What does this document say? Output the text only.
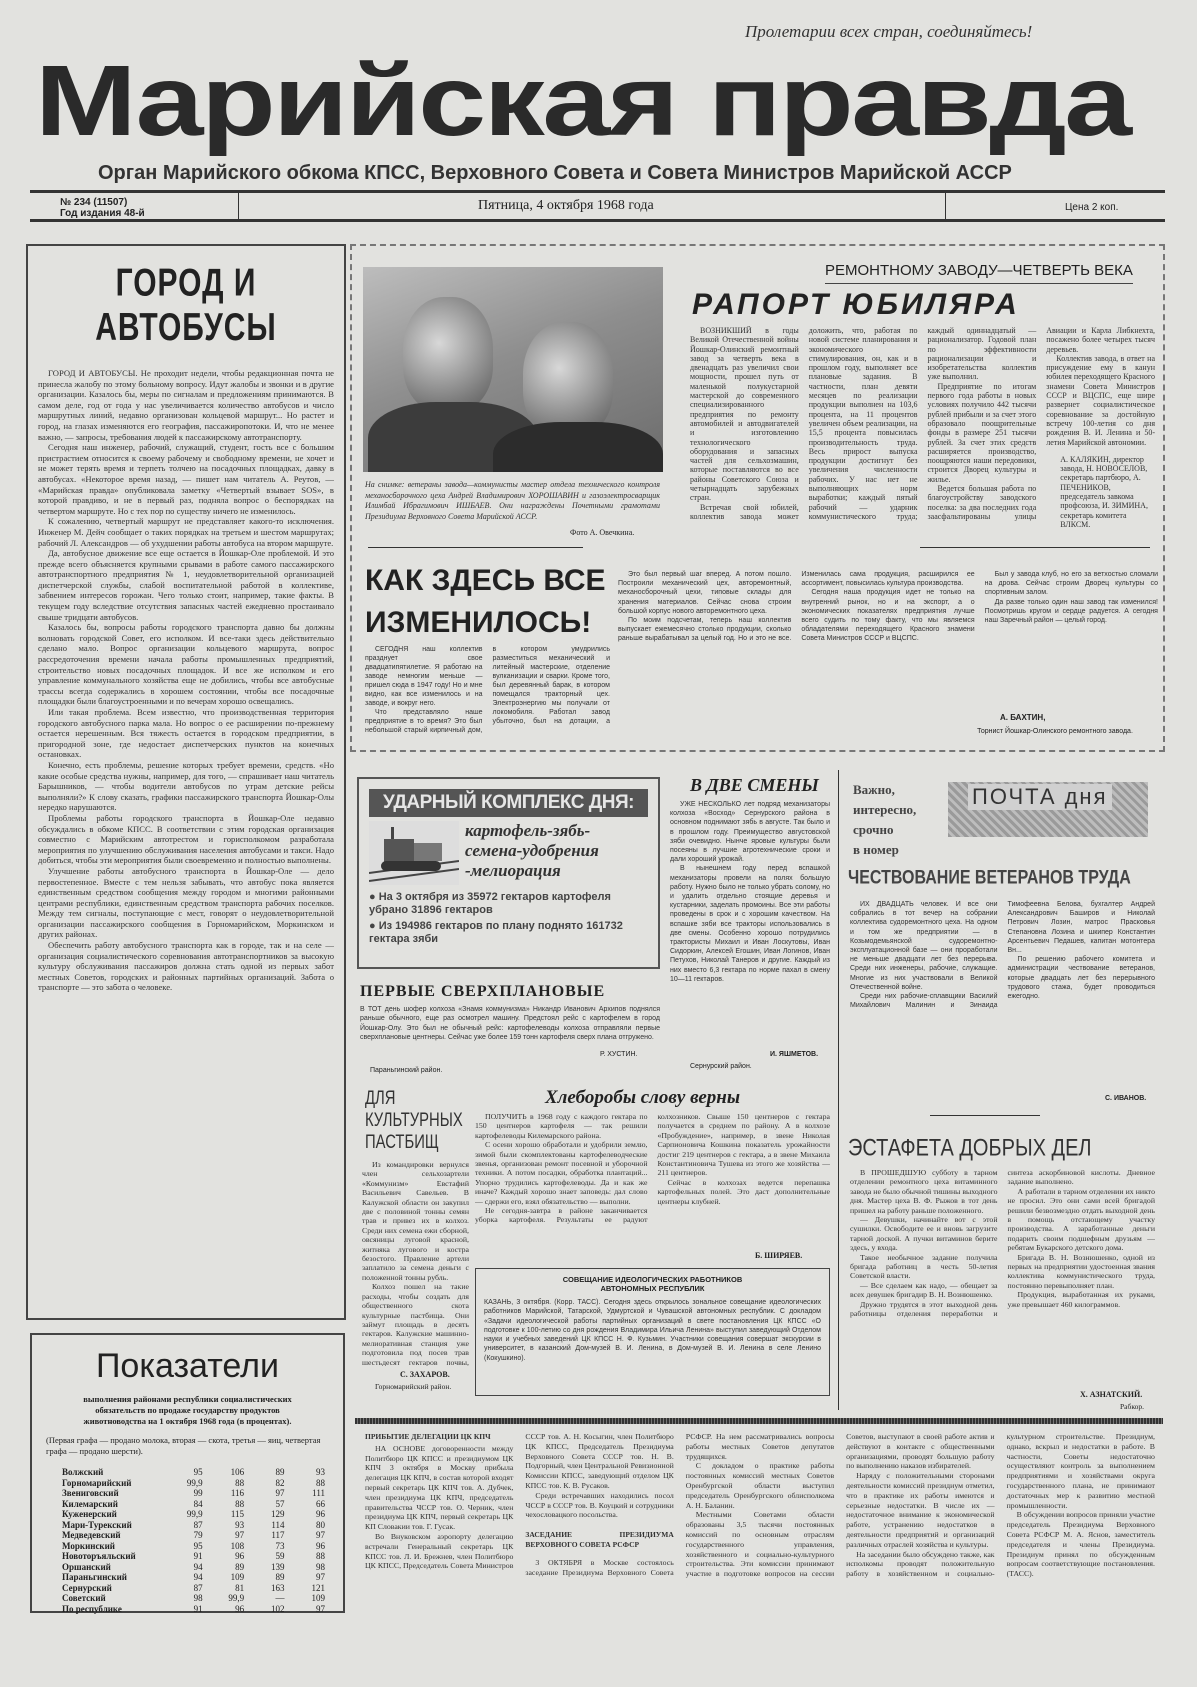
Пролетарии всех стран, соединяйтесь!
Марийская правда
Орган Марийского обкома КПСС, Верховного Совета и Совета Министров Марийской АССР
№ 234 (11507)
Год издания 48-й
Пятница, 4 октября 1968 года	Цена 2 коп.
ГОРОД И АВТОБУСЫ

ГОРОД И АВТОБУСЫ. Не проходит недели, чтобы редакционная почта не принесла жалобу по этому больному вопросу. Идут жалобы и звонки и в другие организации. Казалось бы, меры по сигналам и предложениям принимаются. В самом деле, год от года у нас увеличивается количество автобусов и число маршрутных линий, недавно организован кольцевой маршрут... Но растет и город, на глазах изменяются его география, пассажиропотоки. И, что не менее важно, — запросы, требования людей к пассажирскому автотранспорту.

Сегодня наш инженер, рабочий, служащий, студент, гость все с большим пристрастием относится к своему рабочему и свободному времени, не хочет и не может терять время и терпеть толчею на посадочных площадках, давку в автобусах. «Некоторое время назад, — пишет нам читатель А. Реутов, — «Марийская правда» опубликовала заметку «Четвертый взывает SOS», в которой правдиво, и не в первый раз, подняла вопрос о беспорядках на четвертом маршруте. Но с тех пор по существу ничего не изменилось.

К сожалению, четвертый маршрут не представляет какого-то исключения. Инженер М. Дейч сообщает о таких порядках на третьем и шестом маршрутах; рабочий Л. Александров — об ухудшении работы автобуса на втором маршруте.

Да, автобусное движение все еще остается в Йошкар-Оле проблемой. И это прежде всего объясняется крупными срывами в работе самого пассажирского автотранспортного предприятия № 1, неудовлетворительной организацией диспетчерской службы, слабой воспитательной работой в коллективе, забвением интересов горожан. Чего только стоит, например, такие факты. В текущем году вследствие отсутствия запасных частей ежедневно простаивало свыше тридцати автобусов.

Казалось бы, вопросы работы городского транспорта давно бы должны волновать городской Совет, его исполком. И все-таки здесь действительно сделано мало. Вопрос организации кольцевого маршрута, вопрос рассредоточения времени начала работы промышленных предприятий, строительство новых посадочных площадок. И все же исполком и его управление коммунального хозяйства еще не добились, чтобы все автобусные трассы всегда содержались в хорошем состоянии, чтобы все посадочные площадки были благоустроенными и по вечерам хорошо освещались.

Или такая проблема. Всем известно, что производственная территория городского автобусного парка мала. Но вопрос о ее расширении по-прежнему остается нерешенным. Вся тяжесть остается в городском предприятии, в пригородной зоне, где недостает диспетчерских пунктов на конечных остановках.

Конечно, есть проблемы, решение которых требует времени, средств. «Но какие особые средства нужны, например, для того, — спрашивает наш читатель Барышников, — чтобы водители автобусов по утрам детские рейсы выполняли?» К слову сказать, графики пассажирского транспорта Йошкар-Олы нередко нарушаются.

Проблемы работы городского транспорта в Йошкар-Оле недавно обсуждались в обкоме КПСС. В соответствии с этим городская организация совместно с Марийским автотрестом и горисполкомом разработала мероприятия по улучшению обслуживания населения автобусами и такси. Надо добиться, чтобы эти мероприятия были своевременно и полностью выполнены.

Улучшение работы автобусного транспорта в Йошкар-Оле — дело первостепенное. Вместе с тем нельзя забывать, что автобус пока является единственным средством сообщения между городом и многими районными центрами республики, единственным средством транспорта рабочих поселков. Между тем сигналы, поступающие с мест, говорят о неудовлетворительной организации пассажирского сообщения в Горномарийском, Моркинском и других районах.

Обеспечить работу автобусного транспорта как в городе, так и на селе — организация социалистического соревнования автотранспортников за высокую культуру обслуживания пассажиров должна стать одной из первых забот местных Советов, городских и районных партийных организаций. Забота о транспорте — это забота о человеке.

Показатели
выполнения районами республики социалистических обязательств по продаже государству продуктов животноводства на 1 октября 1968 года (в процентах).
(Первая графа — продано молока, вторая — скота, третья — яиц, четвертая графа — продано шерсти).
Волжский	95	106	89	93
Горномарийский	99,9	88	82	88
Звениговский	99	116	97	111
Килемарский	84	88	57	66
Куженерский	99,9	115	129	96
Мари-Турекский	87	93	114	80
Медведевский	79	97	117	97
Моркинский	95	108	73	96
Новоторъяльский	91	96	59	88
Оршанский	94	89	139	98
Параньгинский	94	109	89	97
Сернурский	87	81	163	121
Советский	98	99,9	—	109
По республике	91	96	102	97
На снимке: ветераны завода—коммунисты мастер отдела технического контроля механосборочного цеха Андрей Владимирович ХОРОШАВИН и газоэлектросварщик Илимбай Ибрагимович ИШБАЕВ. Они награждены Почетными грамотами Президиума Верховного Совета Марийской АССР.
Фото А. Овечкина.
РЕМОНТНОМУ ЗАВОДУ—ЧЕТВЕРТЬ ВЕКА
РАПОРТ ЮБИЛЯРА

ВОЗНИКШИЙ в годы Великой Отечественной войны Йошкар-Олинский ремонтный завод за четверть века в двенадцать раз увеличил свои мощности, прошел путь от маленькой полукустарной мастерской до современного специализированного предприятия по ремонту автомобилей и автодвигателей и изготовлению технологического оборудования и запасных частей для сельхозмашин, которые поставляются во все районы Советского Союза и четырнадцать зарубежных стран.

Встречая свой юбилей, коллектив завода может доложить, что, работая по новой системе планирования и экономического стимулирования, он, как и в прошлом году, выполняет все плановые задания. В частности, план девяти месяцев по реализации продукции выполнен на 103,6 процента, на 11 процентов увеличен объем реализации, на 15,5 процента повысилась производительность труда. Весь прирост выпуска продукции достигнут без увеличения численности рабочих. У нас нет не выполняющих норм выработки; каждый пятый рабочий — ударник коммунистического труда; каждый одиннадцатый — рационализатор. Годовой план по эффективности рационализации и изобретательства коллектив уже выполнил.

Предприятие по итогам первого года работы в новых условиях получило 442 тысячи рублей прибыли и за счет этого образовало поощрительные фонды в размере 251 тысячи рублей. За счет этих средств расширяется производство, поощряются наши передовики, строится Дворец культуры и жилье.

Ведется большая работа по благоустройству заводского поселка: за два последних года заасфальтированы улицы Авиации и Карла Либкнехта, посажено более четырех тысяч деревьев.

Коллектив завода, в ответ на присуждение ему в канун юбилея переходящего Красного знамени Совета Министров СССР и ВЦСПС, еще шире развернет социалистическое соревнование за достойную встречу 100-летия со дня рождения В. И. Ленина и 50-летия Марийской автономии.

А. КАЛЯКИН, директор завода, Н. НОВОСЕЛОВ, секретарь партбюро, А. ПЕЧЕНИКОВ, председатель завкома профсоюза, И. ЗИМИНА, секретарь комитета ВЛКСМ.
КАК ЗДЕСЬ ВСЕ ИЗМЕНИЛОСЬ!

СЕГОДНЯ наш коллектив празднует свое двадцатипятилетие. Я работаю на заводе немногим меньше — пришел сюда в 1947 году! Но и мне видно, как все изменилось и на заводе, и вокруг него.

Что представляло наше предприятие в то время? Это был небольшой старый кирпичный дом, в котором умудрились разместиться механический и литейный мастерские, отделение вулканизации и сварки. Кроме того, был деревянный барак, в котором помещался тракторный цех. Электроэнергию мы получали от локомобиля. Работал завод убыточно, был на дотации, а

Это был первый шаг вперед. А потом пошло. Построили механический цех, авторемонтный, механосборочный цехи, типовые склады для хранения материалов. Сейчас снова строим большой корпус нового авторемонтного цеха.

По моим подсчетам, теперь наш коллектив выпускает ежемесячно столько продукции, сколько раньше вырабатывал за целый год. Но и это не все. Изменилась сама продукция, расширился ее ассортимент, повысилась культура производства.

Сегодня наша продукция идет не только на внутренний рынок, но и на экспорт, а о экономических показателях предприятия лучше всего судить по тому факту, что мы являемся обладателями переходящего Красного знамени Совета Министров СССР и ВЦСПС.

Был у завода клуб, но его за ветхостью сломали на дрова. Сейчас строим Дворец культуры со спортивным залом.

Да разве только один наш завод так изменился! Посмотришь кругом и сердце радуется. А сегодня наш Заречный район — целый город.

А. БАХТИН,
Торнист Йошкар-Олинского ремонтного завода.
УДАРНЫЙ КОМПЛЕКС ДНЯ:
картофель-зябь-
семена-удобрения
-мелиорация
● На 3 октября из 35972 гектаров картофеля убрано 31896 гектаров
● Из 194986 гектаров по плану поднято 161732 гектара зяби
В ДВЕ СМЕНЫ

УЖЕ НЕСКОЛЬКО лет подряд механизаторы колхоза «Восход» Сернурского района в основном поднимают зябь в августе. Так было и в прошлом году. Преимущество августовской зяби очевидно. Нынче яровые культуры были посеяны в лучшие агротехнические сроки и дали хороший урожай.

В нынешнем году перед вспашкой механизаторы провели на полях большую работу. Нужно было не только убрать солому, но и удалить отдельно стоящие деревья и кустарники, заделать промоины. Все эти работы проведены в срок и с хорошим качеством. На вспашке зяби все тракторы использовались в две смены. Особенно хорошо потрудились трактористы Михаил и Иван Лоскутовы, Иван Сидоркин, Алексей Егошин, Иван Логинов, Иван Петухов, Николай Танеров и другие. Каждый из них вместо 6,3 гектара по норме пахал в смену 10—11 гектаров.

И. ЯШМЕТОВ.
Сернурский район.
Важно,
интересно,
срочно
в номер
ПОЧТА дня
ЧЕСТВОВАНИЕ ВЕТЕРАНОВ ТРУДА

ИХ ДВАДЦАТЬ человек. И все они собрались в тот вечер на собрании коллектива судоремонтного цеха. На одном и том же предприятии — в Козьмодемьянской судоремонтно-эксплуатационной базе — они проработали не меньше двадцати лет без перерыва. Среди них инженеры, рабочие, служащие. Многие из них участвовали в Великой Отечественной войне.

Среди них рабочие-сплавщики Василий Михайлович Малинин и Зинаида Тимофеевна Белова, бухгалтер Андрей Александрович Баширов и Николай Петрович Лозин, матрос Прасковья Степановна Лозина и шкипер Константин Арсентьевич Педашев, капитан мотонтера Вн...

По решению рабочего комитета и администрации чествование ветеранов, которые двадцать лет без перерывного трудового стажа, будет проводиться ежегодно.

С. ИВАНОВ.
ПЕРВЫЕ СВЕРХПЛАНОВЫЕ
В ТОТ день шофер колхоза «Знамя коммунизма» Никандр Иванович Архипов поднялся раньше обычного, еще раз осмотрел машину. Предстоял рейс с картофелем в город Йошкар-Олу. Это был не обычный рейс: картофелеводы колхоза отправляли первые сверхплановые центнеры. Сейчас уже более 159 тонн картофеля сверх плана отгружено.
Р. ХУСТИН.
Параньгинский район.
ДЛЯ КУЛЬТУРНЫХ ПАСТБИЩ

Из командировки вернулся член сельхозартели «Коммунизм» Евстафий Васильевич Савельев. В Калужской области он закупил две с половиной тонны семян трав и привез их в колхоз. Среди них семена ежи сборной, овсяницы луговой красной, житняка лугового и костра безостого. Правление артели заплатило за семена деньги с положенной тонны рубль.

Колхоз пошел на такие расходы, чтобы создать для общественного скота культурные пастбища. Они займут площадь в десять гектаров. Калужские машинно-мелиоративная станция уже подготовила под посев трав шестьдесят гектаров почвы,

С. ЗАХАРОВ.
Горномарийский район.
Хлеборобы слову верны

ПОЛУЧИТЬ в 1968 году с каждого гектара по 150 центнеров картофеля — так решили картофелеводы Килемарского района.

С осени хорошо обработали и удобрили землю, зимой были скомплектованы картофелеводческие звенья, организован ремонт посевной и уборочной техники. А потом посадки, обработка плантаций... Упорно трудились картофелеводы. Да и как же иначе? Каждый хорошо знает заповедь: дал слово — сдержи его, взял обязательство — выполни.

Не сегодня-завтра в районе заканчивается уборка картофеля. Результаты ее радуют колхозников. Свыше 150 центнеров с гектара получается в среднем по району. А в колхозе «Пробуждение», например, в звене Николая Сарпионовича Кошкина показатель урожайности достиг 219 центнеров с гектара, а в звене Михаила Константиновича Тушева из этого же хозяйства — 211 центнеров.

Сейчас в колхозах ведется перепашка картофельных полей. Это даст дополнительные центнеры клубней.

Б. ШИРЯЕВ.
СОВЕЩАНИЕ ИДЕОЛОГИЧЕСКИХ РАБОТНИКОВ АВТОНОМНЫХ РЕСПУБЛИК
КАЗАНЬ, 3 октября. (Корр. ТАСС). Сегодня здесь открылось зональное совещание идеологических работников Марийской, Татарской, Удмуртской и Чувашской автономных республик. С докладом «Задачи идеологической работы партийных организаций в свете постановления ЦК КПСС «О подготовке к 100-летию со дня рождения Владимира Ильича Ленина» выступил заведующий Отделом науки и учебных заведений ЦК КПСС Н. Ф. Кузьмин. Участники совещания совершат экскурсии в университет, в казанский Дом-музей В. И. Ленина, в Дом-музей В. И. Ленина в селе Ленино (Кокушкино).
ЭСТАФЕТА ДОБРЫХ ДЕЛ

В ПРОШЕДШУЮ субботу в тарном отделении ремонтного цеха витаминного завода не было обычной тишины выходного дня. Мастер цеха В. Ф. Рыжов в тот день пришел на работу раньше положенного.

— Девушки, начинайте вот с этой сушилки. Освободите ее и вновь загрузите тарной доской. А пучки витаминов берите здесь, у входа.

Такое необычное задание получила бригада работниц в честь 50-летия Советской власти.

— Все сделаем как надо, — обещает за всех девушек бригадир В. Н. Вознюшенко.

Дружно трудятся в этот выходной день работницы отделения переработки и синтеза аскорбиновой кислоты. Дневное задание выполнено.

А работали в тарном отделении их никто не просил. Это они сами всей бригадой решили безвозмездно отдать выходной день в помощь отстающему участку производства. А заработанные деньги подарить своим подшефным друзьям — ребятам Букарского детского дома.

Бригада В. Н. Вознюшенко, одной из первых на предприятии удостоенная звания коллектива коммунистического труда, постоянно перевыполняет план.

Продукция, выработанная их руками, уже превышает 460 килограммов.

Х. АЗНАТСКИЙ.
Рабкор.
ПРИБЫТИЕ ДЕЛЕГАЦИИ ЦК КПЧ

НА ОСНОВЕ договоренности между Политбюро ЦК КПСС и президиумом ЦК КПЧ 3 октября в Москву прибыла делегация ЦК КПЧ, в состав которой входят первый секретарь ЦК КПЧ тов. А. Дубчек, член президиума ЦК КПЧ, председатель правительства ЧССР тов. О. Черник, член президиума ЦК КПЧ, первый секретарь ЦК КП Словакии тов. Г. Гусак.

Во Внуковском аэропорту делегацию встречали Генеральный секретарь ЦК КПСС тов. Л. И. Брежнев, член Политбюро ЦК КПСС, Председатель Совета Министров СССР тов. А. Н. Косыгин, член Политбюро ЦК КПСС, Председатель Президиума Верховного Совета СССР тов. Н. В. Подгорный, член Центральной Ревизионной Комиссии КПСС, заведующий отделом ЦК КПСС тов. К. В. Русаков.

Среди встречавших находились посол ЧССР в СССР тов. В. Коуцкий и сотрудники чехословацкого посольства.

ЗАСЕДАНИЕ ПРЕЗИДИУМА ВЕРХОВНОГО СОВЕТА РСФСР

3 ОКТЯБРЯ в Москве состоялось заседание Президиума Верховного Совета РСФСР. На нем рассматривались вопросы работы местных Советов депутатов трудящихся.

С докладом о практике работы постоянных комиссий местных Советов Оренбургской области выступил председатель Оренбургского облисполкома А. Н. Баланин.

Местными Советами области образованы 3,5 тысячи постоянных комиссий по основным отраслям государственного управления, хозяйственного и социально-культурного строительства. Эти комиссии принимают участие в подготовке вопросов на сессии Советов, выступают в своей работе актив и действуют в контакте с общественными организациями, проводят большую работу по выполнению наказов избирателей.

Наряду с положительными сторонами деятельности комиссий президиум отметил, что в практике их работы имеются и серьезные недостатки. В числе их — недостаточное внимание к экономической работе, устранению недостатков в деятельности предприятий и организаций различных отраслей хозяйства и культуры.

На заседании было обсуждено также, как исполкомы проводят положительную работу в хозяйственном и социально-культурном строительстве. Президиум, однако, вскрыл и недостатки в работе. В частности, Советы недостаточно осуществляют контроль за выполнением предприятиями и хозяйствами округа государственного плана, не принимают достаточных мер к развитию местной промышленности.

В обсуждении вопросов приняли участие председатель Президиума Верховного Совета РСФСР М. А. Яснов, заместитель председателя и члены Президиума. Президиум принял по обсужденным вопросам соответствующие постановления. (ТАСС).
